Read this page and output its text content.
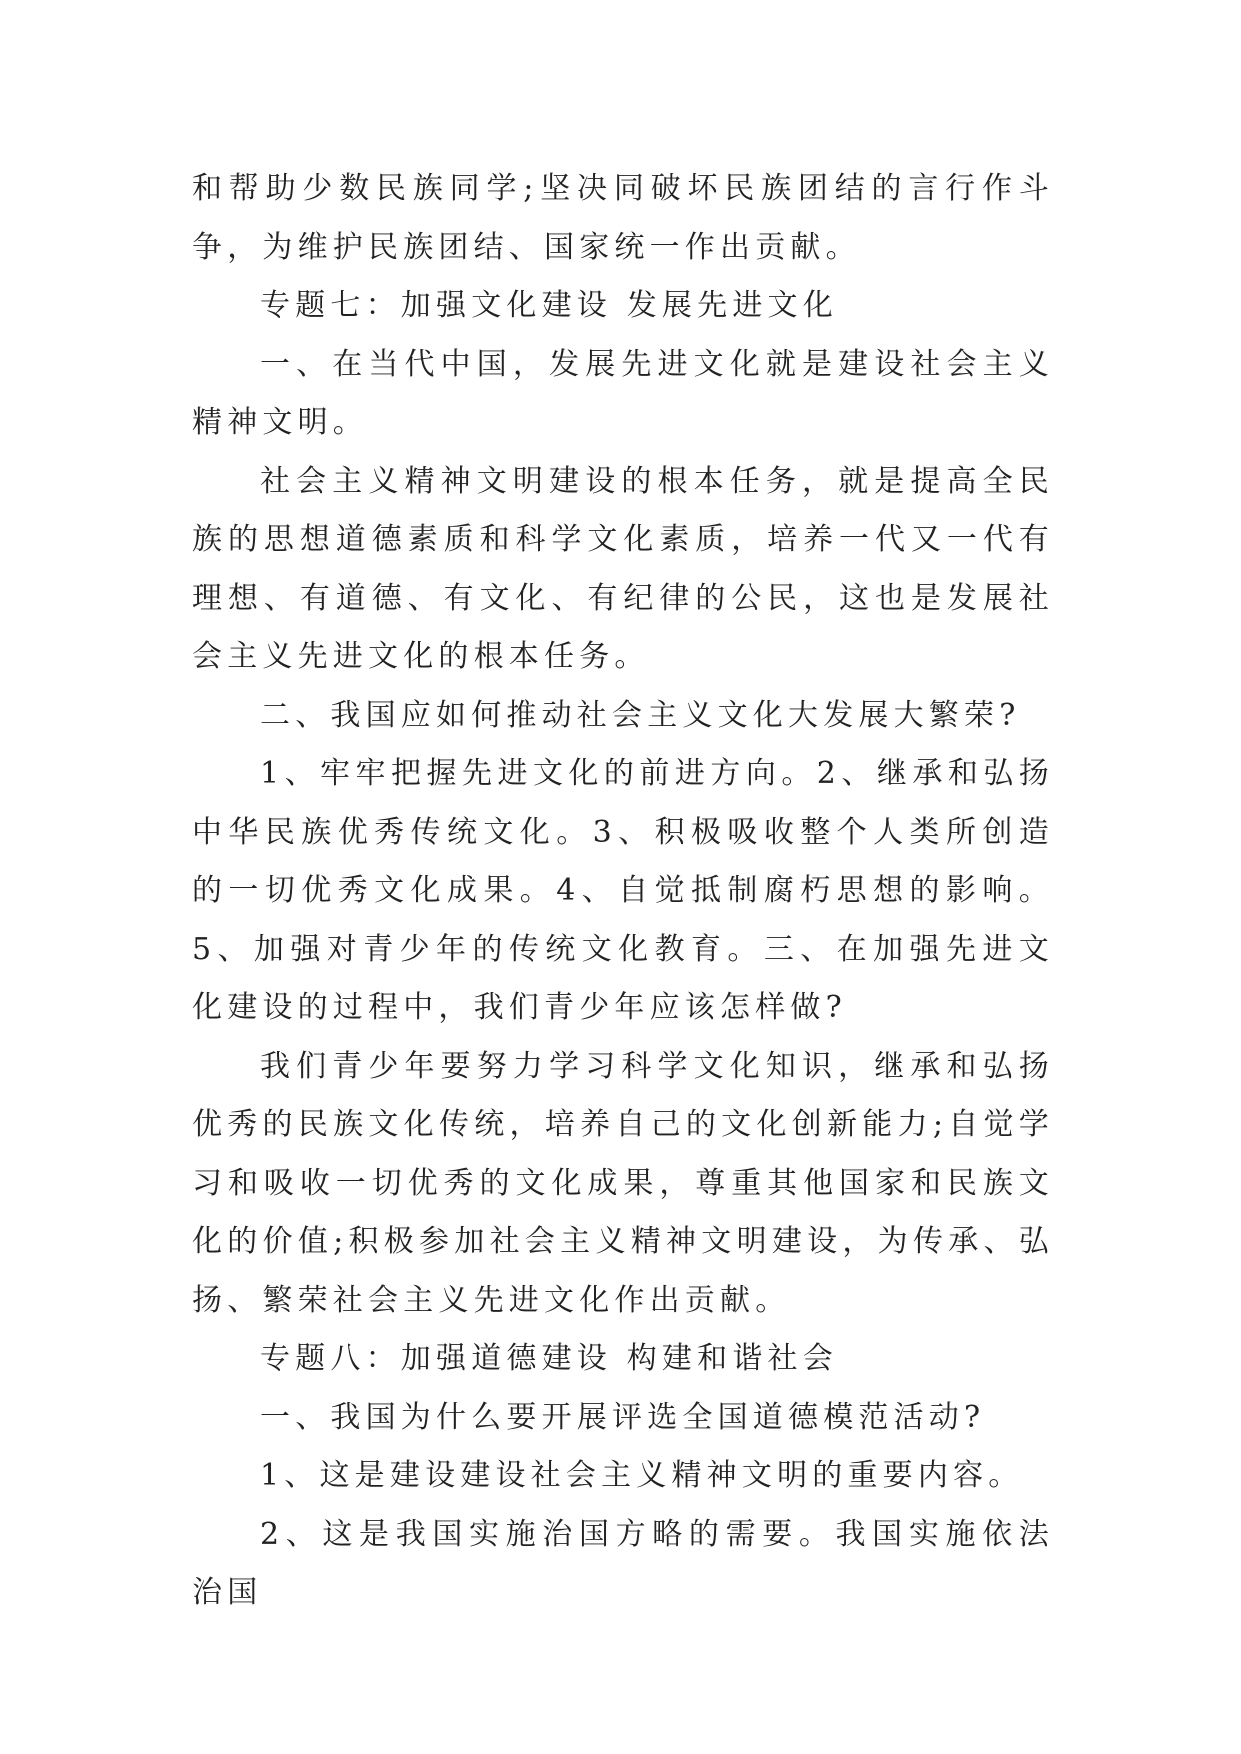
和帮助少数民族同学;坚决同破坏民族团结的言行作斗争，为维护民族团结、国家统一作出贡献。

专题七：加强文化建设 发展先进文化

一、在当代中国，发展先进文化就是建设社会主义精神文明。

社会主义精神文明建设的根本任务，就是提高全民族的思想道德素质和科学文化素质，培养一代又一代有理想、有道德、有文化、有纪律的公民，这也是发展社会主义先进文化的根本任务。

二、我国应如何推动社会主义文化大发展大繁荣?

1、牢牢把握先进文化的前进方向。2、继承和弘扬中华民族优秀传统文化。3、积极吸收整个人类所创造的一切优秀文化成果。4、自觉抵制腐朽思想的影响。5、加强对青少年的传统文化教育。三、在加强先进文化建设的过程中，我们青少年应该怎样做?

我们青少年要努力学习科学文化知识，继承和弘扬优秀的民族文化传统，培养自己的文化创新能力;自觉学习和吸收一切优秀的文化成果，尊重其他国家和民族文化的价值;积极参加社会主义精神文明建设，为传承、弘扬、繁荣社会主义先进文化作出贡献。

专题八：加强道德建设 构建和谐社会

一、我国为什么要开展评选全国道德模范活动?

1、这是建设建设社会主义精神文明的重要内容。

2、这是我国实施治国方略的需要。我国实施依法治国
